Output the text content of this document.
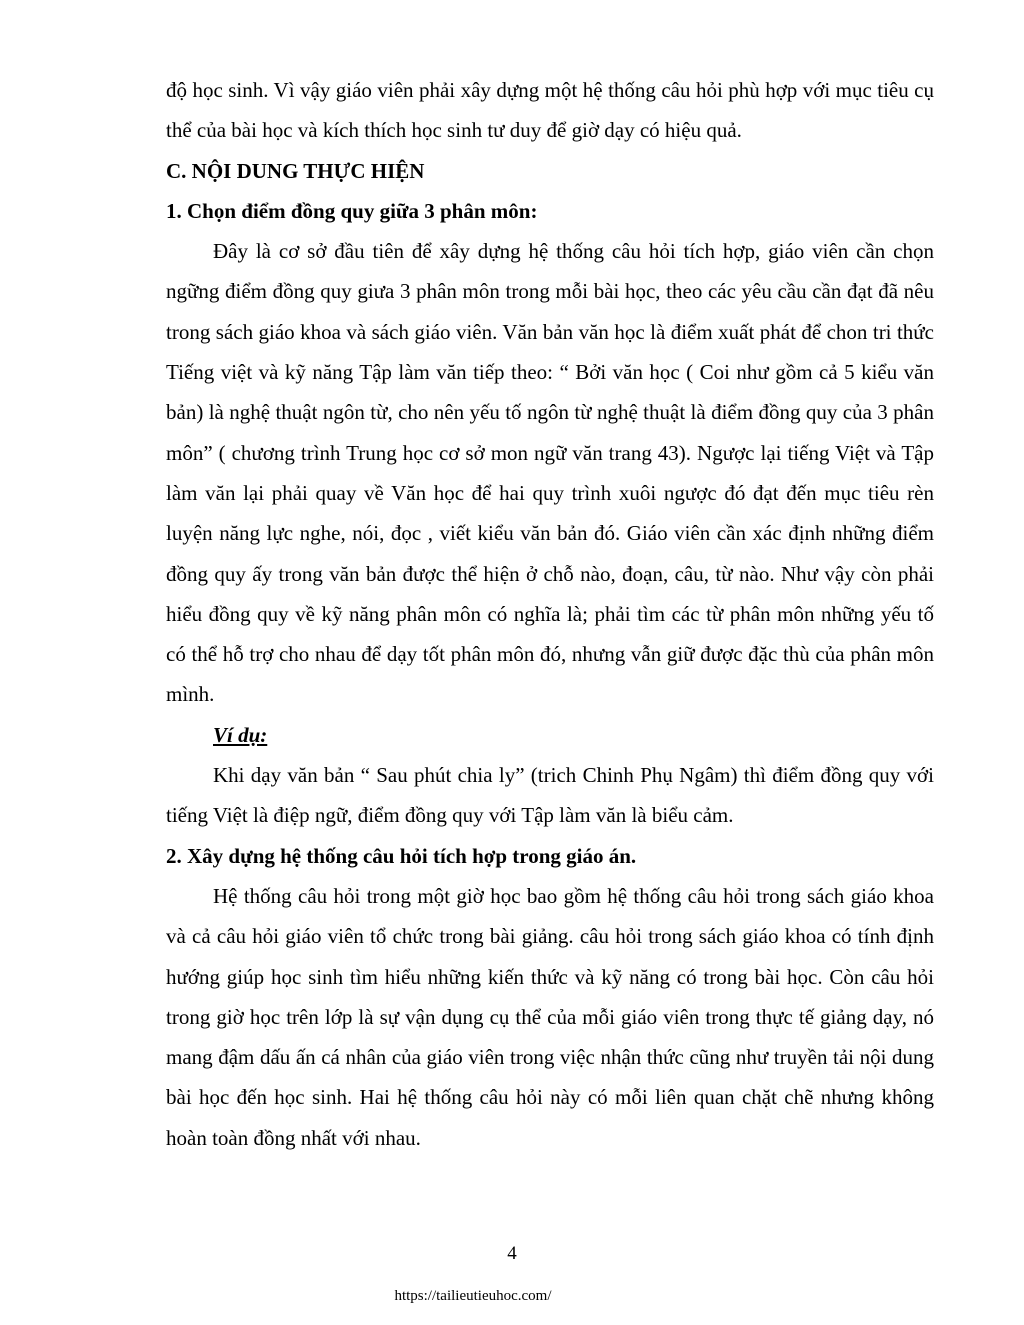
độ học sinh. Vì vậy giáo viên phải xây dựng một hệ thống câu hỏi phù hợp với mục tiêu cụ thể của bài học và kích thích học sinh tư duy để giờ dạy có hiệu quả.

C. NỘI DUNG THỰC HIỆN

1. Chọn điểm đồng quy giữa 3 phân môn:

Đây là cơ sở đầu tiên để xây dựng hệ thống câu hỏi tích hợp, giáo viên cần chọn ngững điểm đồng quy giưa 3 phân môn trong mỗi bài học, theo các yêu cầu cần đạt đã nêu trong sách giáo khoa và sách giáo viên. Văn bản văn học là điểm xuất phát để chon tri thức Tiếng việt và kỹ năng Tập làm văn tiếp theo: “ Bởi văn học ( Coi như gồm cả 5 kiểu văn bản) là nghệ thuật ngôn từ, cho nên yếu tố ngôn từ nghệ thuật là điểm đồng quy của 3 phân môn” ( chương trình Trung học cơ sở mon ngữ văn trang 43). Ngược lại tiếng Việt và Tập làm văn lại phải quay về Văn học để hai quy trình xuôi ngược đó đạt đến mục tiêu rèn luyện năng lực nghe, nói, đọc , viết kiểu văn bản đó. Giáo viên cần xác định những điểm đồng quy ấy trong văn bản được thể hiện ở chỗ nào, đoạn, câu, từ nào. Như vậy còn phải hiểu đồng quy về kỹ năng phân môn có nghĩa là; phải tìm các từ phân môn những yếu tố có thể hỗ trợ cho nhau để dạy tốt phân môn đó, nhưng vẫn giữ được đặc thù của phân môn mình.

Ví dụ:

Khi dạy văn bản “ Sau phút chia ly” (trich Chinh Phụ Ngâm) thì điểm đồng quy với tiếng Việt là điệp ngữ, điểm đồng quy với Tập làm văn là biểu cảm.

2. Xây dựng hệ thống câu hỏi tích hợp trong giáo án.

Hệ thống câu hỏi trong một giờ học bao gồm hệ thống câu hỏi trong sách giáo khoa và cả câu hỏi giáo viên tổ chức trong bài giảng. câu hỏi trong sách giáo khoa có tính định hướng giúp học sinh tìm hiểu những kiến thức và kỹ năng có trong bài học. Còn câu hỏi trong giờ học trên lớp là sự vận dụng cụ thể của mỗi giáo viên trong thực tế giảng dạy, nó mang đậm dấu ấn cá nhân của giáo viên trong việc nhận thức cũng như truyền tải nội dung bài học đến học sinh. Hai hệ thống câu hỏi này có mỗi liên quan chặt chẽ nhưng không hoàn toàn đồng nhất với nhau.

4
https://tailieutieuhoc.com/
